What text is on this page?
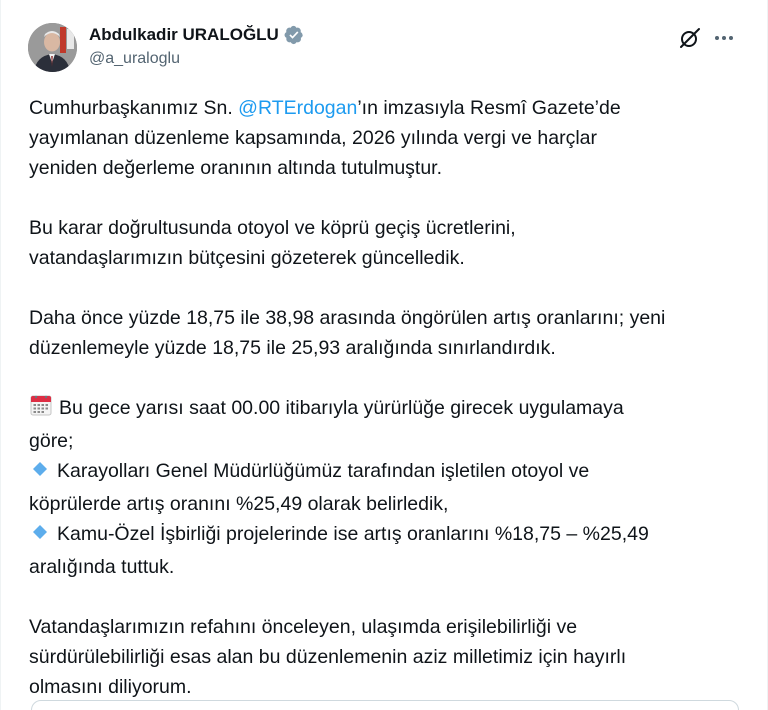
Abdulkadir URALOĞLU
@a_uraloglu

Cumhurbaşkanımız Sn. @RTErdogan’ın imzasıyla Resmî Gazete’de
yayımlanan düzenleme kapsamında, 2026 yılında vergi ve harçlar
yeniden değerleme oranının altında tutulmuştur.

Bu karar doğrultusunda otoyol ve köprü geçiş ücretlerini,
vatandaşlarımızın bütçesini gözeterek güncelledik.

Daha önce yüzde 18,75 ile 38,98 arasında öngörülen artış oranlarını; yeni
düzenlemeyle yüzde 18,75 ile 25,93 aralığında sınırlandırdık.

Bu gece yarısı saat 00.00 itibarıyla yürürlüğe girecek uygulamaya
göre;
Karayolları Genel Müdürlüğümüz tarafından işletilen otoyol ve
köprülerde artış oranını %25,49 olarak belirledik,
Kamu-Özel İşbirliği projelerinde ise artış oranlarını %18,75 – %25,49
aralığında tuttuk.

Vatandaşlarımızın refahını önceleyen, ulaşımda erişilebilirliği ve
sürdürülebilirliği esas alan bu düzenlemenin aziz milletimiz için hayırlı
olmasını diliyorum.
